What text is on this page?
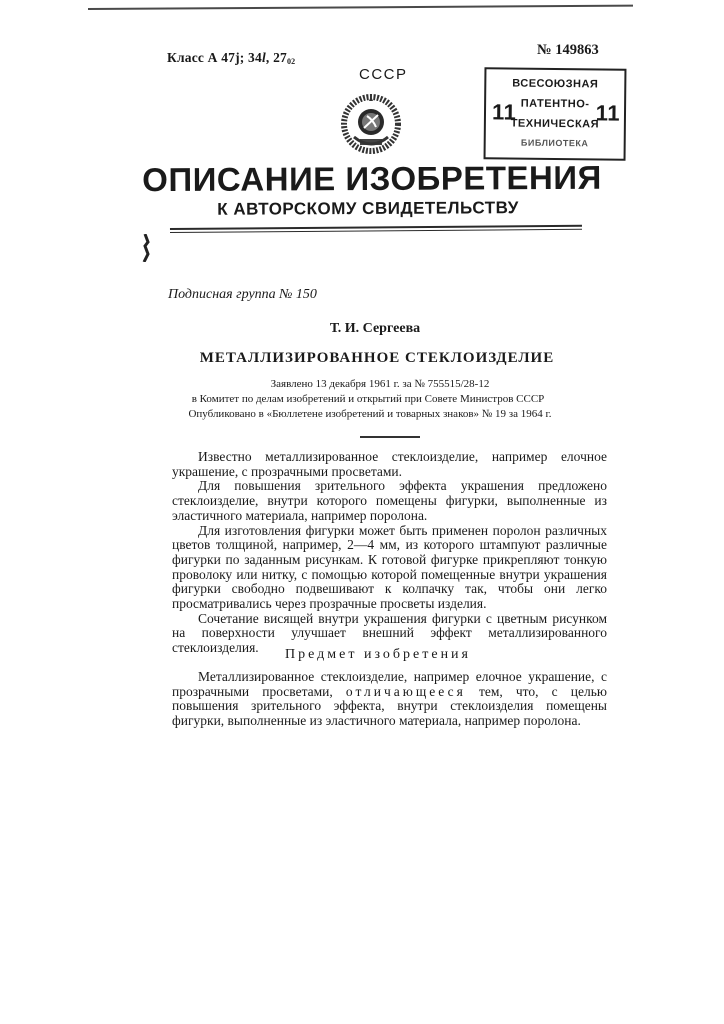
Класс А 47j; 34l, $27_{02}$
№ 149863
СССР
ВСЕСОЮЗНАЯ
ПАТЕНТНО-
ТЕХНИЧЕСКАЯ
БИБЛИОТЕКА
11	11
ОПИСАНИЕ ИЗОБРЕТЕНИЯ
К АВТОРСКОМУ СВИДЕТЕЛЬСТВУ
Подписная группа № 150
Т. И. Сергеева
МЕТАЛЛИЗИРОВАННОЕ СТЕКЛОИЗДЕЛИЕ
Заявлено 13 декабря 1961 г. за № 755515/28-12
в Комитет по делам изобретений и открытий при Совете Министров СССР
Опубликовано в «Бюллетене изобретений и товарных знаков» № 19 за 1964 г.

Известно металлизированное стеклоизделие, например елочное украшение, с прозрачными просветами.

Для повышения зрительного эффекта украшения предложено стеклоизделие, внутри которого помещены фигурки, выполненные из эластичного материала, например поролона.

Для изготовления фигурки может быть применен поролон различных цветов толщиной, например, 2—4 мм, из которого штампуют различные фигурки по заданным рисункам. К готовой фигурке прикрепляют тонкую проволоку или нитку, с помощью которой помещенные внутри украшения фигурки свободно подвешивают к колпачку так, чтобы они легко просматривались через прозрачные просветы изделия.

Сочетание висящей внутри украшения фигурки с цветным рисунком на поверхности улучшает внешний эффект металлизированного стеклоизделия.	Предмет изобретения

Металлизированное стеклоизделие, например елочное украшение, с прозрачными просветами, отличающееся тем, что, с целью повышения зрительного эффекта, внутри стеклоизделия помещены фигурки, выполненные из эластичного материала, например поролона.
